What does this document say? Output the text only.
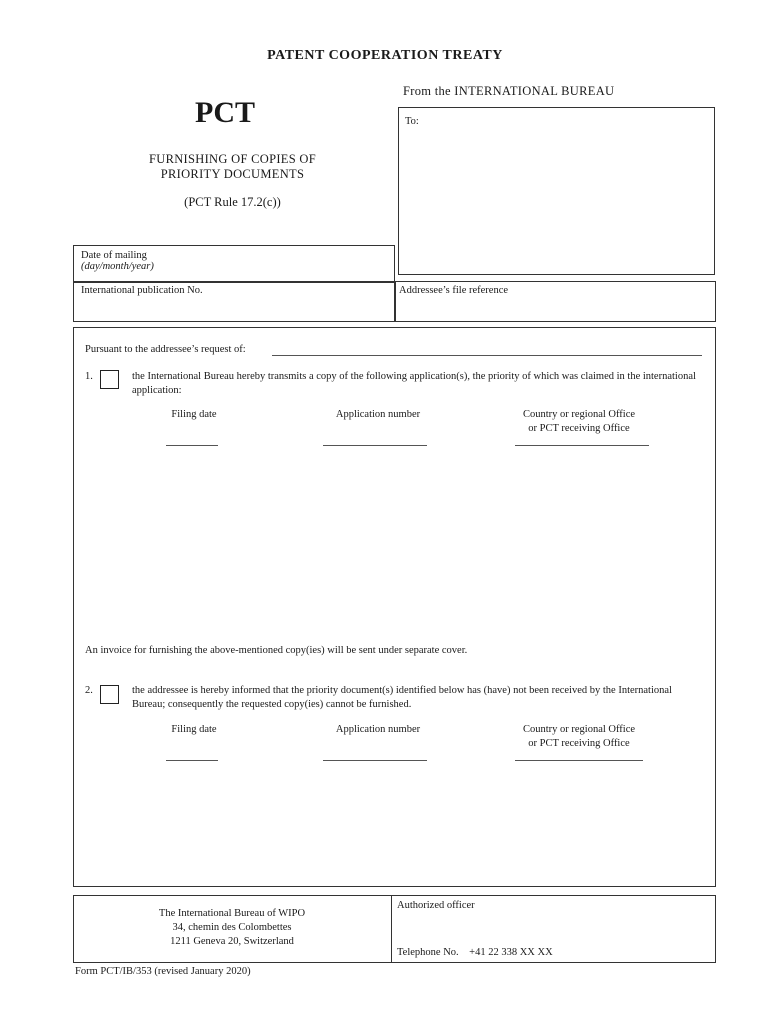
PATENT COOPERATION TREATY
PCT
FURNISHING OF COPIES OF
PRIORITY DOCUMENTS
(PCT Rule 17.2(c))
From the INTERNATIONAL BUREAU
To:
Date of mailing
(day/month/year)
International publication No.	Addressee’s file reference
Pursuant to the addressee’s request of:
1.	the International Bureau hereby transmits a copy of the following application(s), the priority of which was claimed in the international application:
Filing date	Application number	Country or regional Office
or PCT receiving Office
An invoice for furnishing the above-mentioned copy(ies) will be sent under separate cover.
2.	the addressee is hereby informed that the priority document(s) identified below has (have) not been received by the International Bureau; consequently the requested copy(ies) cannot be furnished.
Filing date	Application number	Country or regional Office
or PCT receiving Office
The International Bureau of WIPO
34, chemin des Colombettes
1211 Geneva 20, Switzerland
Authorized officer
Telephone No. +41 22 338 XX XX
Form PCT/IB/353 (revised January 2020)
